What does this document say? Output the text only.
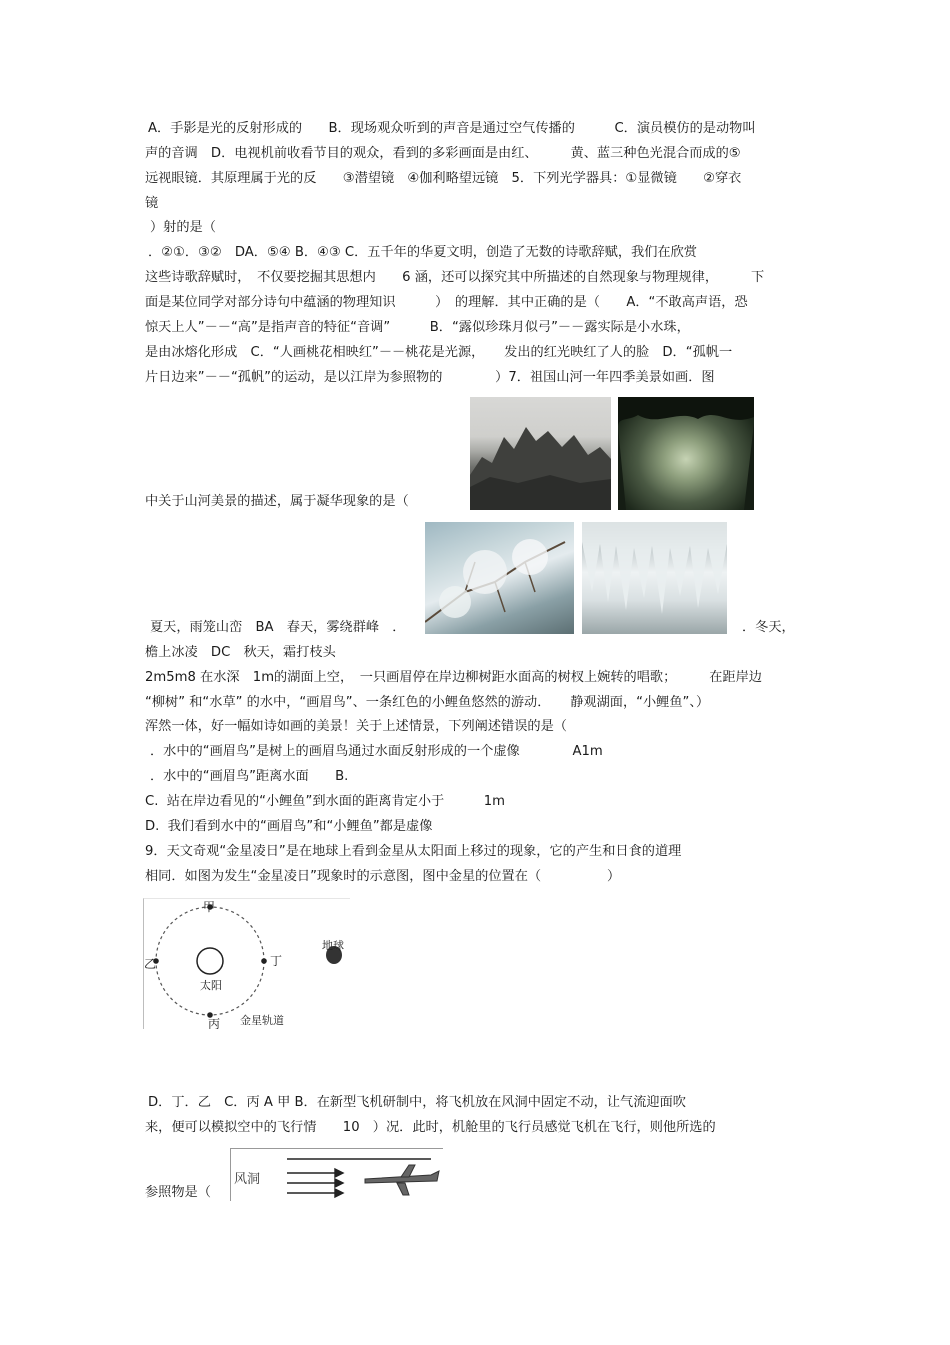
A．手影是光的反射形成的　　B．现场观众听到的声音是通过空气传播的　　　C．演员模仿的是动物叫
声的音调　D．电视机前收看节目的观众，看到的多彩画面是由红、　　　黄、蓝三种色光混合而成的⑤
远视眼镜．其原理属于光的反　　③潜望镜　④伽利略望远镜　5．下列光学器具：①显微镜　　②穿衣
镜
）射的是（
．②①．③②　DA．⑤④ B．④③ C．五千年的华夏文明，创造了无数的诗歌辞赋，我们在欣赏
这些诗歌辞赋时，　不仅要挖掘其思想内　　6 涵，还可以探究其中所描述的自然现象与物理规律，　　　下
面是某位同学对部分诗句中蕴涵的物理知识　　　）　的理解．其中正确的是（　　A．“不敢高声语，恐
惊天上人”－－“高”是指声音的特征“音调”　　　B．“露似珍珠月似弓”－－露实际是小水珠，
是由冰熔化形成　C．“人画桃花相映红”－－桃花是光源，　　发出的红光映红了人的脸　D．“孤帆一
片日边来”－－“孤帆”的运动，是以江岸为参照物的　　　　）7．祖国山河一年四季美景如画．图
中关于山河美景的描述，属于凝华现象的是（
夏天，雨笼山峦　BA　春天，雾绕群峰　．	．冬天，
檐上冰凌　DC　秋天，霜打枝头
2m5m8 在水深　1m的湖面上空，　一只画眉停在岸边柳树距水面高的树杈上婉转的唱歌；　　　在距岸边
“柳树” 和“水草” 的水中，“画眉鸟”、一条红色的小鲤鱼悠然的游动．　　静观湖面，“小鲤鱼”、）
浑然一体，好一幅如诗如画的美景！关于上述情景，下列阐述错误的是（
．水中的“画眉鸟”是树上的画眉鸟通过水面反射形成的一个虚像　　　　A1m
．水中的“画眉鸟”距离水面　　B.
C.  站在岸边看见的“小鲤鱼”到水面的距离肯定小于　　　1m
D.  我们看到水中的“画眉鸟”和“小鲤鱼”都是虚像
9．天文奇观“金星凌日”是在地球上看到金星从太阳面上移过的现象，它的产生和日食的道理
相同．如图为发生“金星凌日”现象时的示意图，图中金星的位置在（　　　　　）
甲
乙
丙
丁
太阳
地球
金星轨道
D．丁．乙　C．丙 A 甲 B．在新型飞机研制中，将飞机放在风洞中固定不动，让气流迎面吹
来，便可以模拟空中的飞行情　　10　）况．此时，机舱里的飞行员感觉飞机在飞行，则他所选的
参照物是（
风洞
